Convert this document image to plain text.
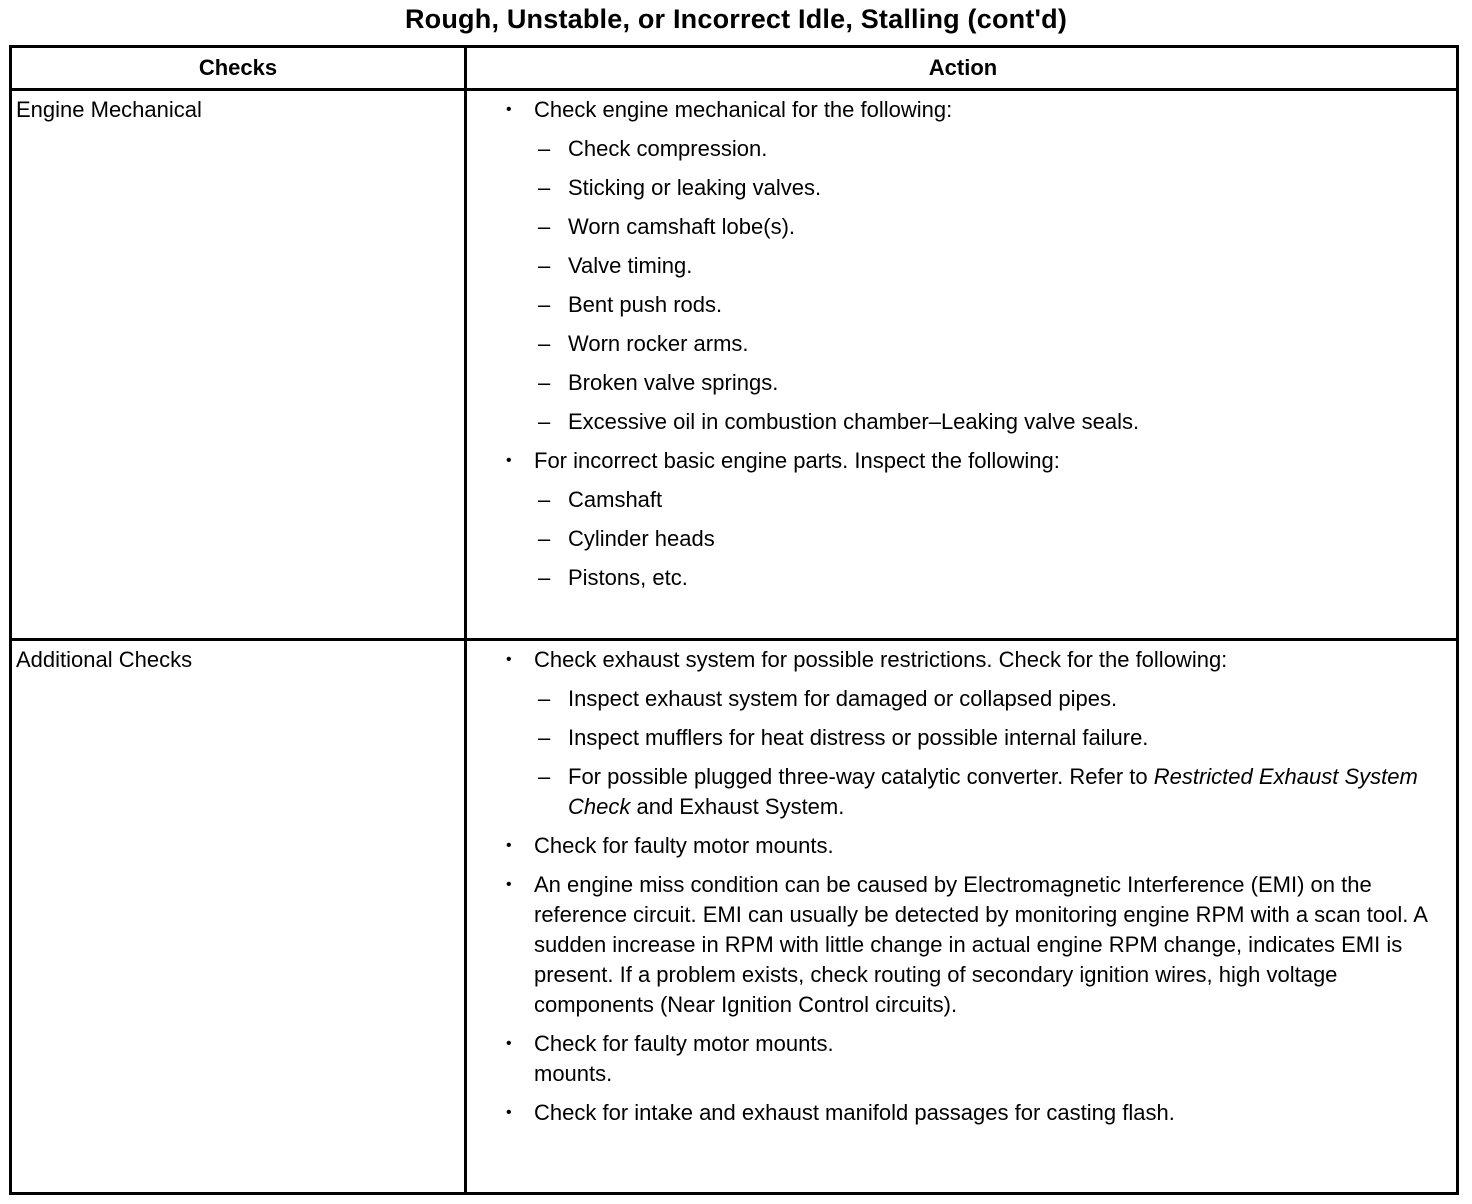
Rough, Unstable, or Incorrect Idle, Stalling (cont'd)
Checks	Action
Engine Mechanical	• Check engine mechanical for the following:
– Check compression.
– Sticking or leaking valves.
– Worn camshaft lobe(s).
– Valve timing.
– Bent push rods.
– Worn rocker arms.
– Broken valve springs.
– Excessive oil in combustion chamber–Leaking valve seals.
• For incorrect basic engine parts. Inspect the following:
– Camshaft
– Cylinder heads
– Pistons, etc.
Additional Checks	• Check exhaust system for possible restrictions. Check for the following:
– Inspect exhaust system for damaged or collapsed pipes.
– Inspect mufflers for heat distress or possible internal failure.
– For possible plugged three-way catalytic converter. Refer to Restricted Exhaust System Check and Exhaust System.
• Check for faulty motor mounts.
• An engine miss condition can be caused by Electromagnetic Interference (EMI) on the reference circuit. EMI can usually be detected by monitoring engine RPM with a scan tool. A sudden increase in RPM with little change in actual engine RPM change, indicates EMI is present. If a problem exists, check routing of secondary ignition wires, high voltage components (Near Ignition Control circuits).
• Check for faulty motor mounts.
mounts.
• Check for intake and exhaust manifold passages for casting flash.
